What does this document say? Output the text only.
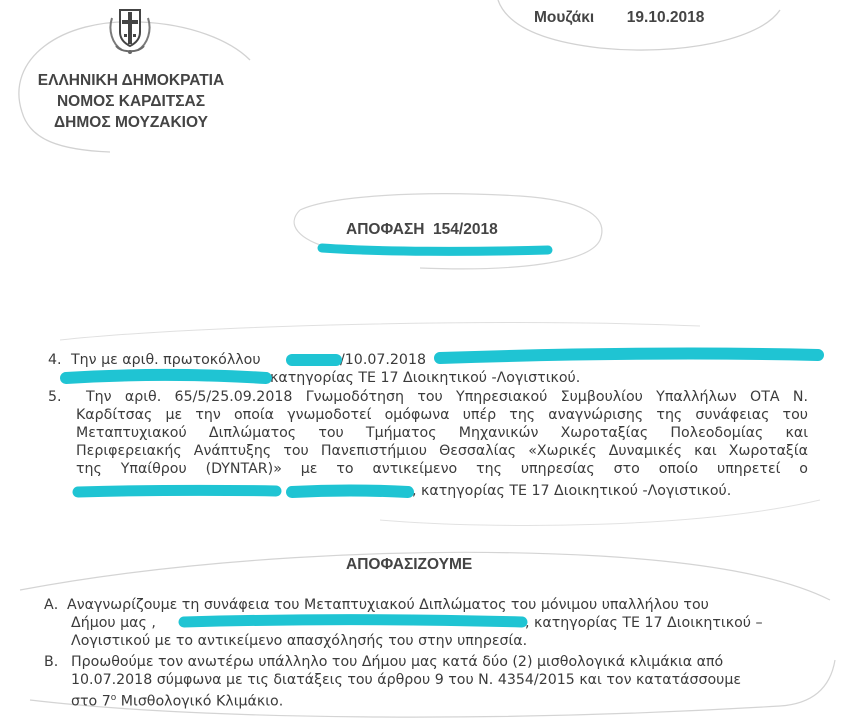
ΕΛΛΗΝΙΚΗ ΔΗΜΟΚΡΑΤΙΑ
ΝΟΜΟΣ ΚΑΡΔΙΤΣΑΣ
ΔΗΜΟΣ ΜΟΥΖΑΚΙΟΥ
Μουζάκι 19.10.2018
ΑΠΟΦΑΣΗ  154/2018
4. Την με αριθ. πρωτοκόλλου	/10.07.2018
κατηγορίας ΤΕ 17 Διοικητικού -Λογιστικού.
5. Την αριθ. 65/5/25.09.2018 Γνωμοδότηση του Υπηρεσιακού Συμβουλίου Υπαλλήλων ΟΤΑ Ν.
Καρδίτσας με την οποία γνωμοδοτεί ομόφωνα υπέρ της αναγνώρισης της συνάφειας του
Μεταπτυχιακού Διπλώματος του Τμήματος Μηχανικών Χωροταξίας Πολεοδομίας και
Περιφερειακής Ανάπτυξης του Πανεπιστήμιου Θεσσαλίας «Χωρικές Δυναμικές και Χωροταξία
της Υπαίθρου (DYNTAR)» με το αντικείμενο της υπηρεσίας στο οποίο υπηρετεί ο
, κατηγορίας ΤΕ 17 Διοικητικού -Λογιστικού.
ΑΠΟΦΑΣΙΖΟΥΜΕ
Α. Αναγνωρίζουμε τη συνάφεια του Μεταπτυχιακού Διπλώματος του μόνιμου υπαλλήλου του
Δήμου μας ,	, κατηγορίας ΤΕ 17 Διοικητικού –
Λογιστικού με το αντικείμενο απασχόλησής του στην υπηρεσία.
Β. Προωθούμε τον ανωτέρω υπάλληλο του Δήμου μας κατά δύο (2) μισθολογικά κλιμάκια από
10.07.2018 σύμφωνα με τις διατάξεις του άρθρου 9 του Ν. 4354/2015 και τον κατατάσσουμε
στο $7^o$ Μισθολογικό Κλιμάκιο.
